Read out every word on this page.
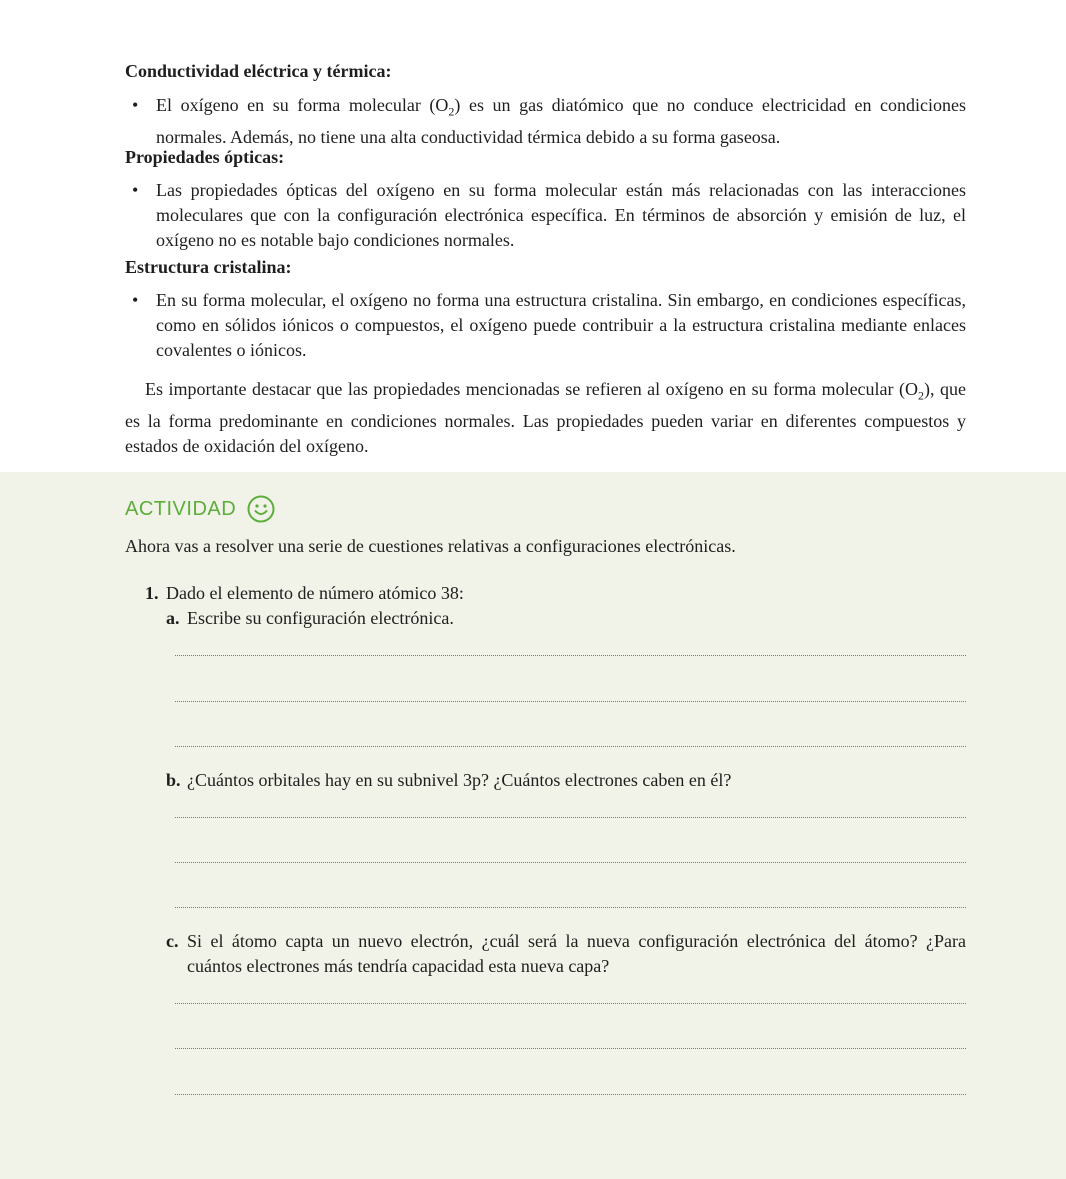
Conductividad eléctrica y térmica:
• El oxígeno en su forma molecular $(O_2)$ es un gas diatómico que no conduce electricidad en condiciones normales. Además, no tiene una alta conductividad térmica debido a su forma gaseosa.
Propiedades ópticas:
• Las propiedades ópticas del oxígeno en su forma molecular están más relacionadas con las interacciones moleculares que con la configuración electrónica específica. En términos de absorción y emisión de luz, el oxígeno no es notable bajo condiciones normales.
Estructura cristalina:
• En su forma molecular, el oxígeno no forma una estructura cristalina. Sin embargo, en condiciones específicas, como en sólidos iónicos o compuestos, el oxígeno puede contribuir a la estructura cristalina mediante enlaces covalentes o iónicos.
Es importante destacar que las propiedades mencionadas se refieren al oxígeno en su forma molecular $(O_2)$, que es la forma predominante en condiciones normales. Las propiedades pueden variar en diferentes compuestos y estados de oxidación del oxígeno.
ACTIVIDAD
Ahora vas a resolver una serie de cuestiones relativas a configuraciones electrónicas.
1. Dado el elemento de número atómico 38:
a. Escribe su configuración electrónica.
b. ¿Cuántos orbitales hay en su subnivel 3p? ¿Cuántos electrones caben en él?
c. Si el átomo capta un nuevo electrón, ¿cuál será la nueva configuración electrónica del átomo? ¿Para cuántos electrones más tendría capacidad esta nueva capa?
